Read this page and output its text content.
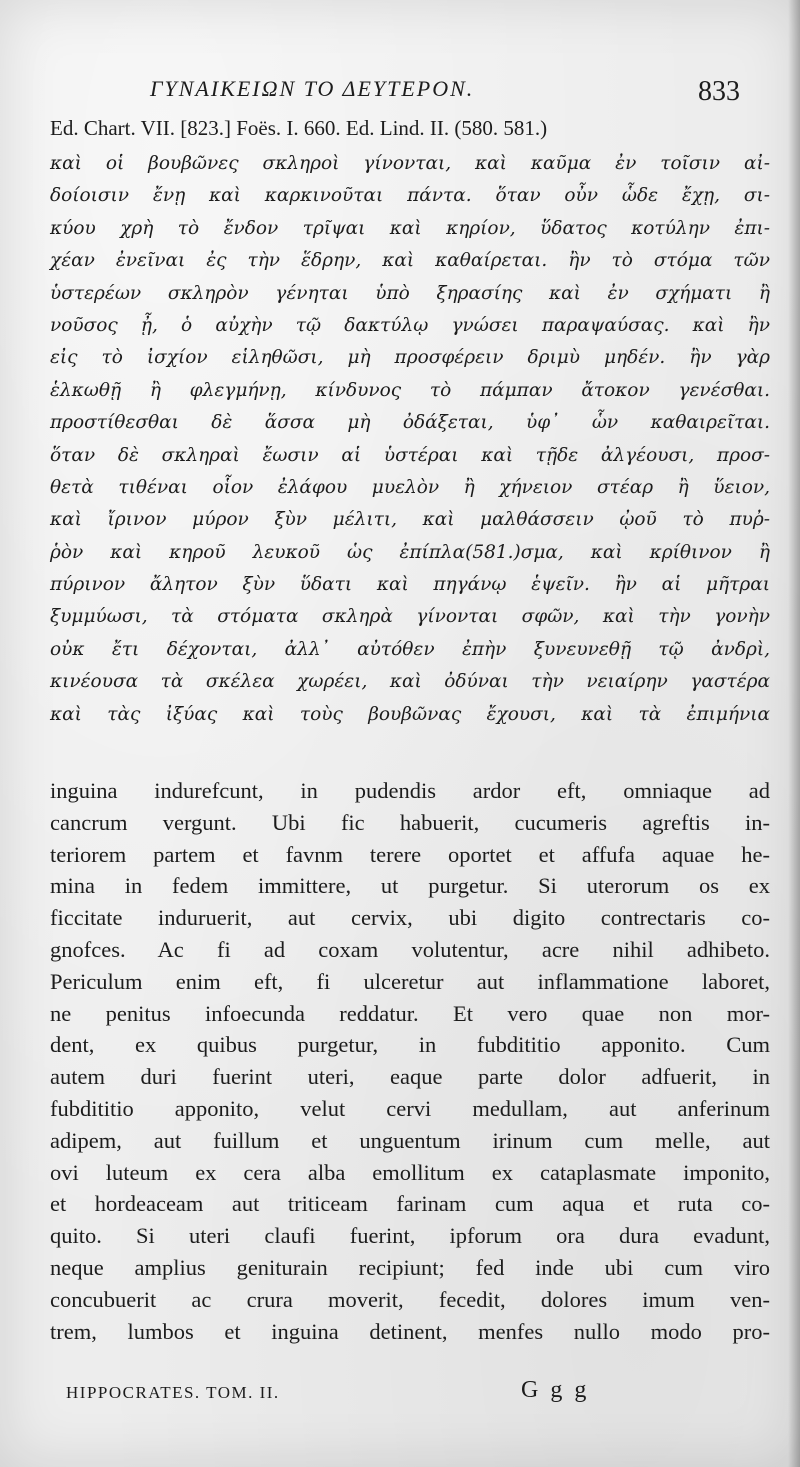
ΓΥΝΑΙΚΕΙΩΝ ΤΟ ΔΕΥΤΕΡΟΝ.	833
Ed. Chart. VII. [823.] Foës. I. 660. Ed. Lind. II. (580. 581.)
καὶ οἱ βουβῶνες σκληροὶ γίνονται, καὶ καῦμα ἐν τοῖσιν αἰ-
δοίοισιν ἔνῃ καὶ καρκινοῦται πάντα. ὅταν οὖν ὧδε ἔχῃ, σι-
κύου χρὴ τὸ ἔνδον τρῖψαι καὶ κηρίον, ὕδατος κοτύλην ἐπι-
χέαν ἐνεῖναι ἐς τὴν ἕδρην, καὶ καθαίρεται. ἢν τὸ στόμα τῶν
ὑστερέων σκληρὸν γένηται ὑπὸ ξηρασίης καὶ ἐν σχήματι ἢ
νοῦσος ᾖ, ὁ αὐχὴν τῷ δακτύλῳ γνώσει παραψαύσας. καὶ ἢν
εἰς τὸ ἰσχίον εἱληθῶσι, μὴ προσφέρειν δριμὺ μηδέν. ἢν γὰρ
ἑλκωθῇ ἢ φλεγμήνῃ, κίνδυνος τὸ πάμπαν ἄτοκον γενέσθαι.
προστίθεσθαι δὲ ἅσσα μὴ ὀδάξεται, ὑφ᾽ ὧν καθαιρεῖται.
ὅταν δὲ σκληραὶ ἔωσιν αἱ ὑστέραι καὶ τῇδε ἀλγέουσι, προσ-
θετὰ τιθέναι οἷον ἐλάφου μυελὸν ἢ χήνειον στέαρ ἢ ὕειον,
καὶ ἴρινον μύρον ξὺν μέλιτι, καὶ μαλθάσσειν ᾠοῦ τὸ πυῤ-
ῥὸν καὶ κηροῦ λευκοῦ ὡς ἐπίπλα(581.)σμα, καὶ κρίθινον ἢ
πύρινον ἄλητον ξὺν ὕδατι καὶ πηγάνῳ ἑψεῖν. ἢν αἱ μῆτραι
ξυμμύωσι, τὰ στόματα σκληρὰ γίνονται σφῶν, καὶ τὴν γονὴν
οὐκ ἔτι δέχονται, ἀλλ᾽ αὐτόθεν ἐπὴν ξυνευνεθῇ τῷ ἀνδρὶ,
κινέουσα τὰ σκέλεα χωρέει, καὶ ὀδύναι τὴν νειαίρην γαστέρα
καὶ τὰς ἰξύας καὶ τοὺς βουβῶνας ἔχουσι, καὶ τὰ ἐπιμήνια
inguina indurefcunt, in pudendis ardor eft, omniaque ad
cancrum vergunt. Ubi fic habuerit, cucumeris agreftis in-
teriorem partem et favnm terere oportet et affufa aquae he-
mina in fedem immittere, ut purgetur. Si uterorum os ex
ficcitate induruerit, aut cervix, ubi digito contrectaris co-
gnofces. Ac fi ad coxam volutentur, acre nihil adhibeto.
Periculum enim eft, fi ulceretur aut inflammatione laboret,
ne penitus infoecunda reddatur. Et vero quae non mor-
dent, ex quibus purgetur, in fubdititio apponito. Cum
autem duri fuerint uteri, eaque parte dolor adfuerit, in
fubdititio apponito, velut cervi medullam, aut anferinum
adipem, aut fuillum et unguentum irinum cum melle, aut
ovi luteum ex cera alba emollitum ex cataplasmate imponito,
et hordeaceam aut triticeam farinam cum aqua et ruta co-
quito. Si uteri claufi fuerint, ipforum ora dura evadunt,
neque amplius geniturain recipiunt; fed inde ubi cum viro
concubuerit ac crura moverit, fecedit, dolores imum ven-
trem, lumbos et inguina detinent, menfes nullo modo pro-
HIPPOCRATES. TOM. II.	G g g
